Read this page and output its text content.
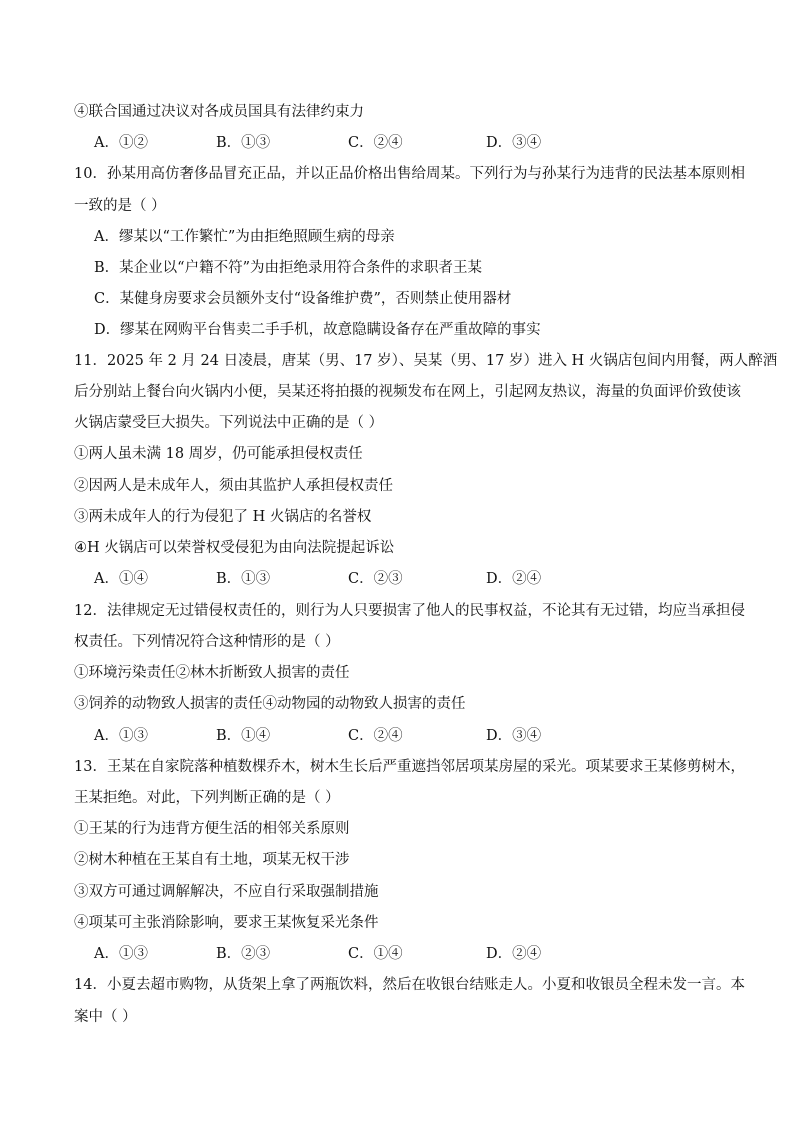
④联合国通过决议对各成员国具有法律约束力
A．①②	B．①③	C．②④	D．③④
10．孙某用高仿奢侈品冒充正品，并以正品价格出售给周某。下列行为与孙某行为违背的民法基本原则相
一致的是（ ）
A．缪某以“工作繁忙”为由拒绝照顾生病的母亲
B．某企业以“户籍不符”为由拒绝录用符合条件的求职者王某
C．某健身房要求会员额外支付“设备维护费”，否则禁止使用器材
D．缪某在网购平台售卖二手手机，故意隐瞒设备存在严重故障的事实
11．2025 年 2 月 24 日凌晨，唐某（男、17 岁）、吴某（男、17 岁）进入 H 火锅店包间内用餐，两人醉酒
后分别站上餐台向火锅内小便，吴某还将拍摄的视频发布在网上，引起网友热议，海量的负面评价致使该
火锅店蒙受巨大损失。下列说法中正确的是（ ）
①两人虽未满 18 周岁，仍可能承担侵权责任
②因两人是未成年人，须由其监护人承担侵权责任
③两未成年人的行为侵犯了 H 火锅店的名誉权
④H 火锅店可以荣誉权受侵犯为由向法院提起诉讼
A．①④	B．①③	C．②③	D．②④
12．法律规定无过错侵权责任的，则行为人只要损害了他人的民事权益，不论其有无过错，均应当承担侵
权责任。下列情况符合这种情形的是（ ）
①环境污染责任②林木折断致人损害的责任
③饲养的动物致人损害的责任④动物园的动物致人损害的责任
A．①③	B．①④	C．②④	D．③④
13．王某在自家院落种植数棵乔木，树木生长后严重遮挡邻居项某房屋的采光。项某要求王某修剪树木，
王某拒绝。对此，下列判断正确的是（ ）
①王某的行为违背方便生活的相邻关系原则
②树木种植在王某自有土地，项某无权干涉
③双方可通过调解解决，不应自行采取强制措施
④项某可主张消除影响，要求王某恢复采光条件
A．①③	B．②③	C．①④	D．②④
14．小夏去超市购物，从货架上拿了两瓶饮料，然后在收银台结账走人。小夏和收银员全程未发一言。本
案中（ ）
